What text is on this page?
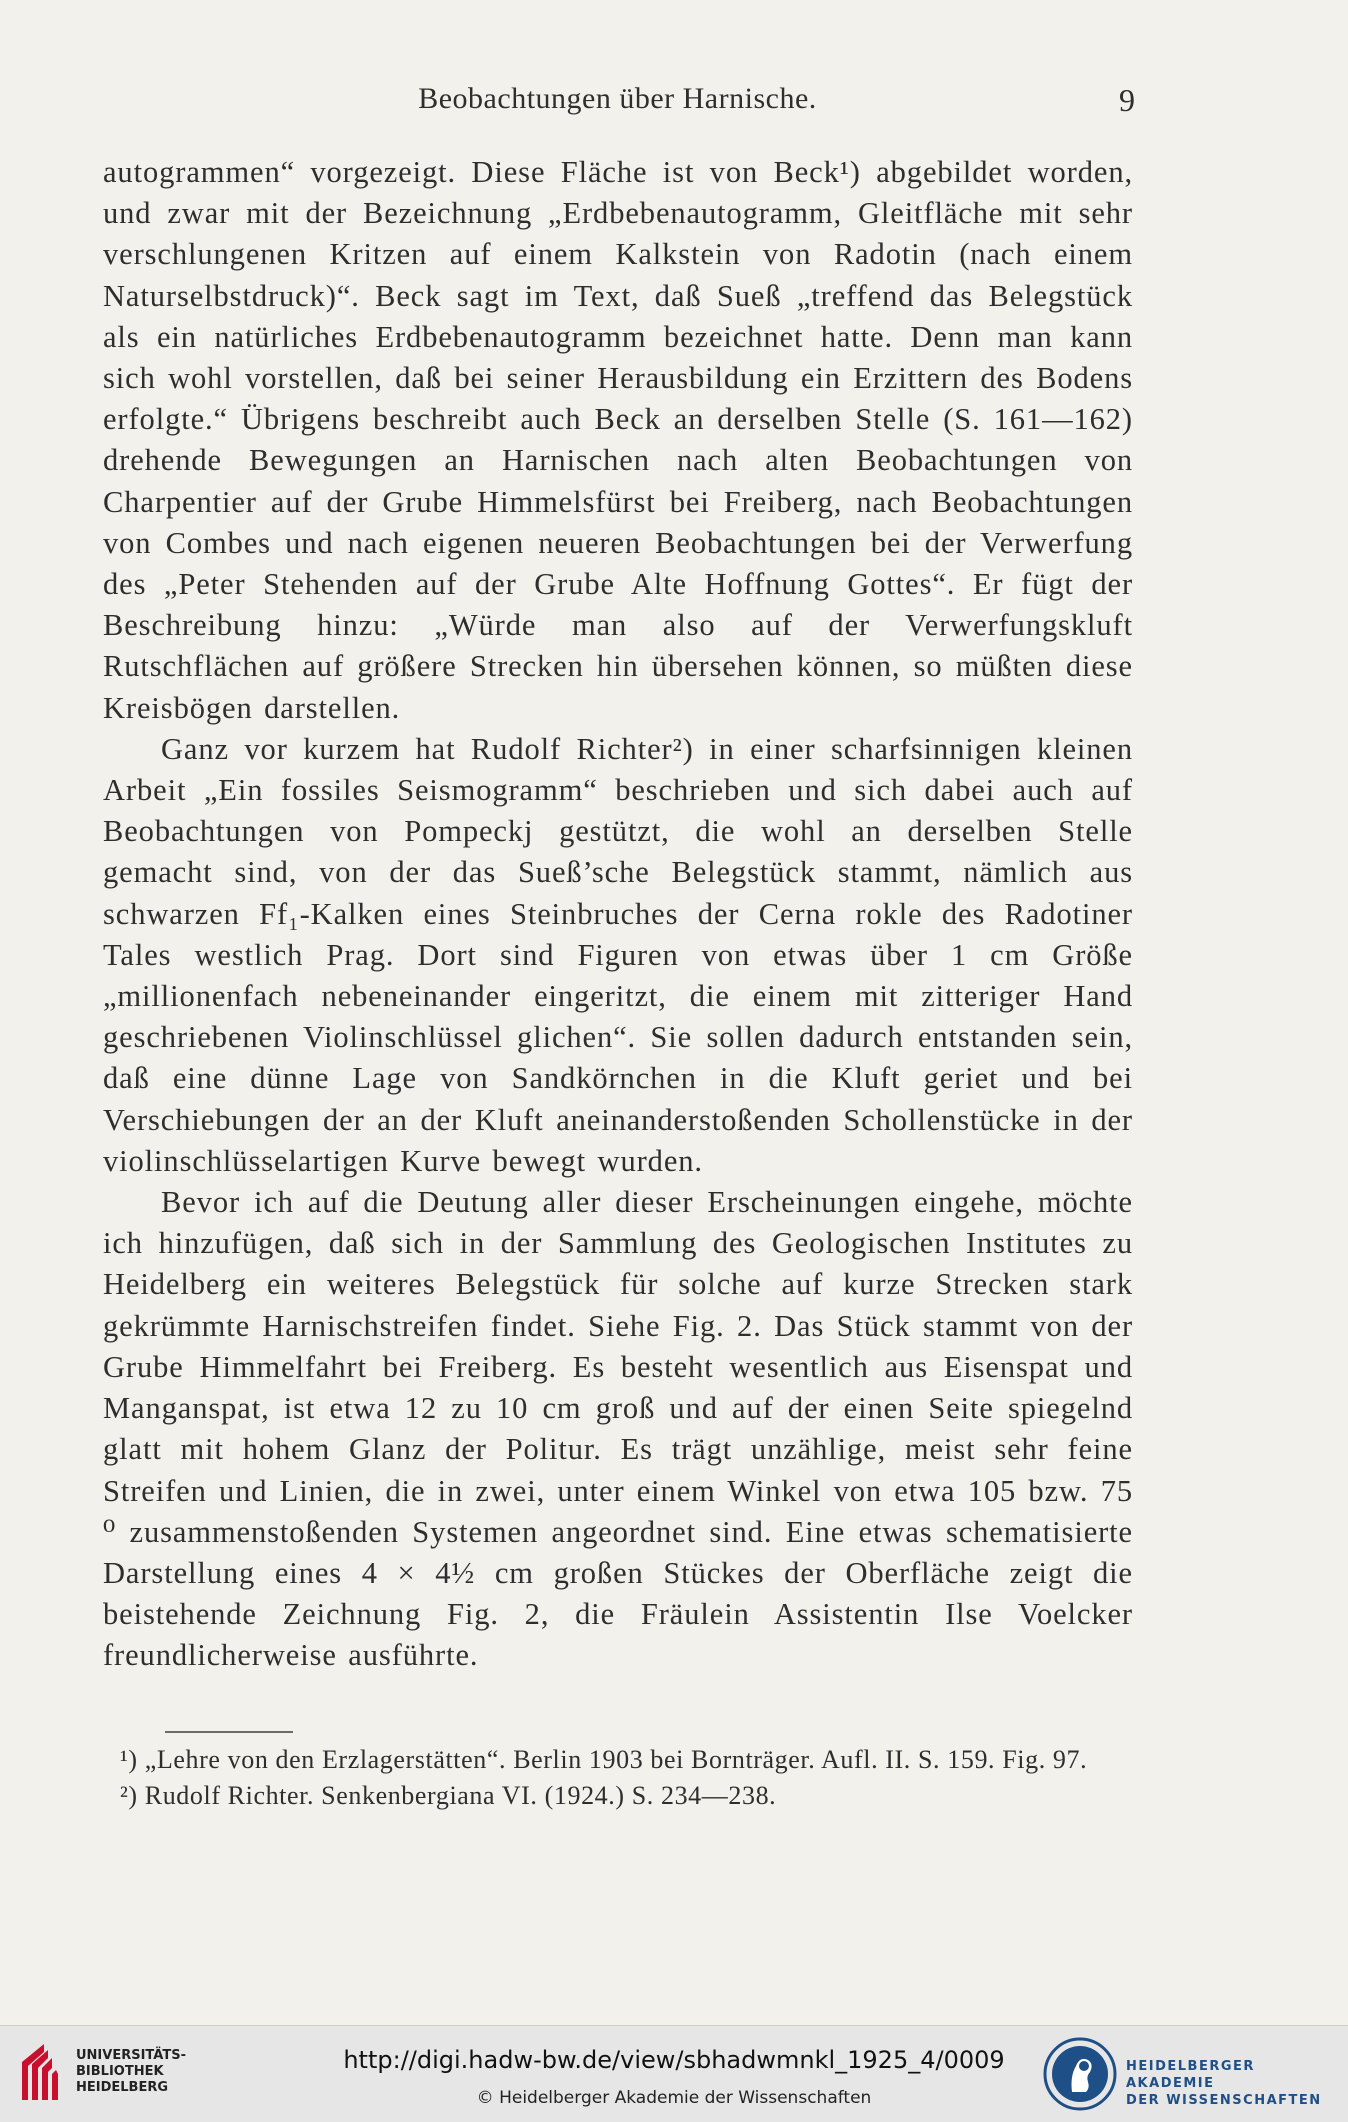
Beobachtungen über Harnische.	9

autogrammen“ vorgezeigt. Diese Fläche ist von Beck¹) abgebildet worden, und zwar mit der Bezeichnung „Erdbebenautogramm, Gleitfläche mit sehr verschlungenen Kritzen auf einem Kalkstein von Radotin (nach einem Naturselbstdruck)“. Beck sagt im Text, daß Sueß „treffend das Belegstück als ein natürliches Erdbebenautogramm bezeichnet hatte. Denn man kann sich wohl vorstellen, daß bei seiner Herausbildung ein Erzittern des Bodens erfolgte.“ Übrigens beschreibt auch Beck an derselben Stelle (S. 161—162) drehende Bewegungen an Harnischen nach alten Beobachtungen von Charpentier auf der Grube Himmelsfürst bei Freiberg, nach Beobachtungen von Combes und nach eigenen neueren Beobachtungen bei der Verwerfung des „Peter Stehenden auf der Grube Alte Hoffnung Gottes“. Er fügt der Beschreibung hinzu: „Würde man also auf der Verwerfungskluft Rutschflächen auf größere Strecken hin übersehen können, so müßten diese Kreisbögen darstellen.

Ganz vor kurzem hat Rudolf Richter²) in einer scharfsinnigen kleinen Arbeit „Ein fossiles Seismogramm“ beschrieben und sich dabei auch auf Beobachtungen von Pompeckj gestützt, die wohl an derselben Stelle gemacht sind, von der das Sueß’sche Belegstück stammt, nämlich aus schwarzen Ff₁-Kalken eines Steinbruches der Cerna rokle des Radotiner Tales westlich Prag. Dort sind Figuren von etwas über 1 cm Größe „millionenfach nebeneinander eingeritzt, die einem mit zitteriger Hand geschriebenen Violinschlüssel glichen“. Sie sollen dadurch entstanden sein, daß eine dünne Lage von Sandkörnchen in die Kluft geriet und bei Verschiebungen der an der Kluft aneinanderstoßenden Schollenstücke in der violinschlüsselartigen Kurve bewegt wurden.

Bevor ich auf die Deutung aller dieser Erscheinungen eingehe, möchte ich hinzufügen, daß sich in der Sammlung des Geologischen Institutes zu Heidelberg ein weiteres Belegstück für solche auf kurze Strecken stark gekrümmte Harnischstreifen findet. Siehe Fig. 2. Das Stück stammt von der Grube Himmelfahrt bei Freiberg. Es besteht wesentlich aus Eisenspat und Manganspat, ist etwa 12 zu 10 cm groß und auf der einen Seite spiegelnd glatt mit hohem Glanz der Politur. Es trägt unzählige, meist sehr feine Streifen und Linien, die in zwei, unter einem Winkel von etwa 105 bzw. 75 ⁰ zusammenstoßenden Systemen angeordnet sind. Eine etwas schematisierte Darstellung eines 4 × 4½ cm großen Stückes der Oberfläche zeigt die beistehende Zeichnung Fig. 2, die Fräulein Assistentin Ilse Voelcker freundlicherweise ausführte.

¹) „Lehre von den Erzlagerstätten“. Berlin 1903 bei Bornträger. Aufl. II. S. 159. Fig. 97.

²) Rudolf Richter. Senkenbergiana VI. (1924.) S. 234—238.

UNIVERSITÄTS-
BIBLIOTHEK
HEIDELBERG
http://digi.hadw-bw.de/view/sbhadwmnkl_1925_4/0009
© Heidelberger Akademie der Wissenschaften
HEIDELBERGER AKADEMIE
DER WISSENSCHAFTEN
